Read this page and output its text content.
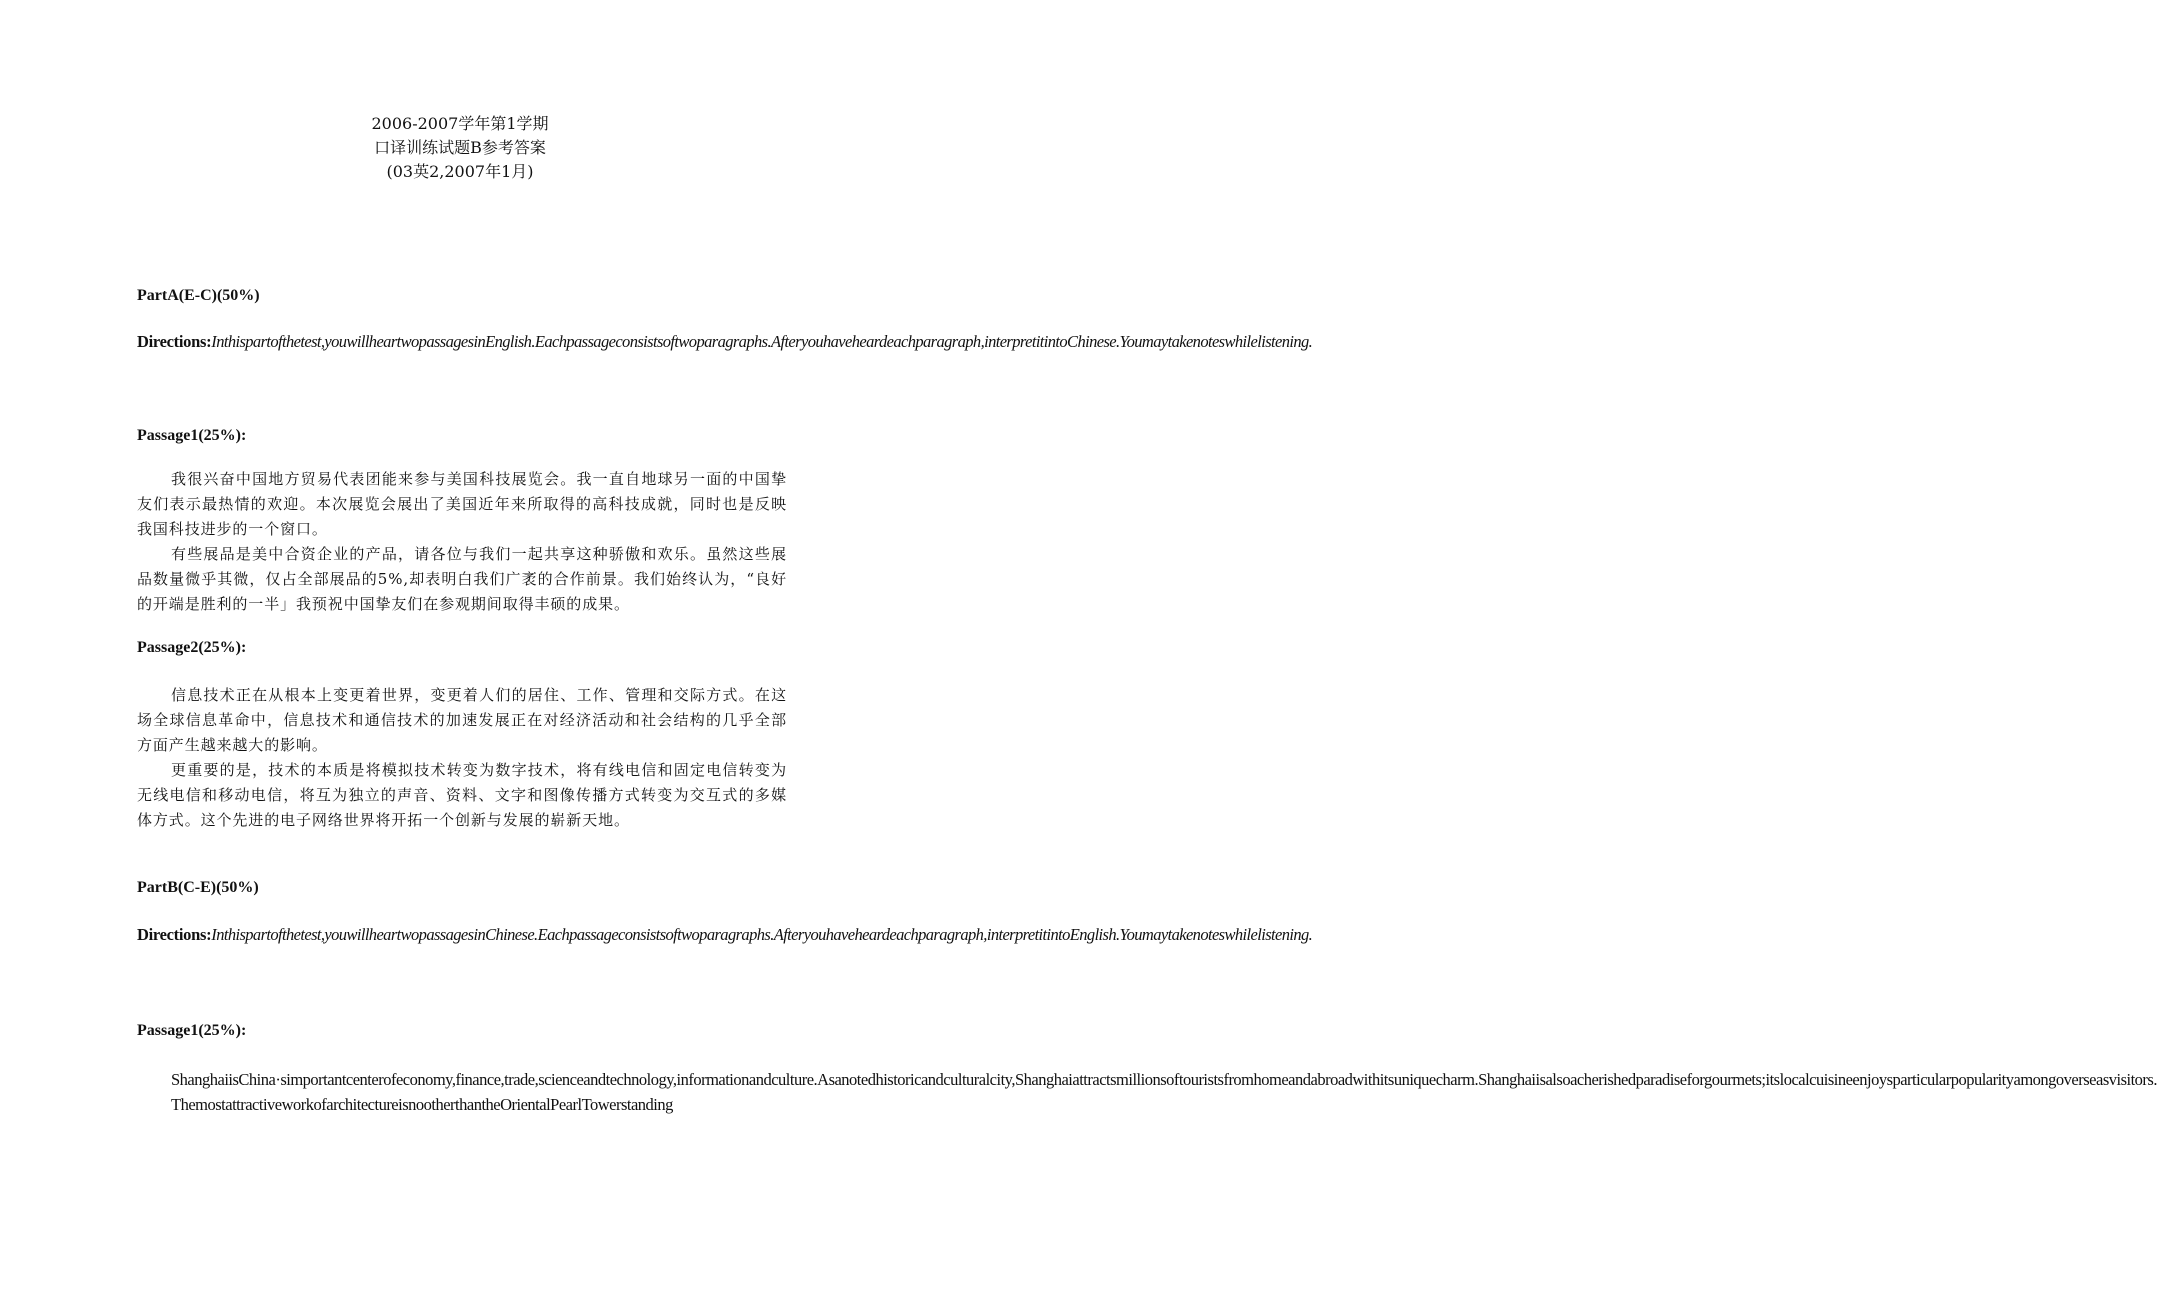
2006-2007学年第1学期
口译训练试题B参考答案
(03英2,2007年1月)
PartA(E-C)(50%)
Directions:Inthispartofthetest,youwillheartwopassagesinEnglish.Eachpassageconsistsoftwoparagraphs.Afteryouhaveheardeachparagraph,interpretitintoChinese.Youmaytakenoteswhilelistening.
Passage1(25%):

我很兴奋中国地方贸易代表团能来参与美国科技展览会。我一直自地球另一面的中国挚友们表示最热情的欢迎。本次展览会展出了美国近年来所取得的高科技成就，同时也是反映我国科技进步的一个窗口。

有些展品是美中合资企业的产品，请各位与我们一起共享这种骄傲和欢乐。虽然这些展品数量微乎其微，仅占全部展品的5%,却表明白我们广袤的合作前景。我们始终认为，“良好的开端是胜利的一半」我预祝中国挚友们在参观期间取得丰硕的成果。

Passage2(25%):

信息技术正在从根本上变更着世界，变更着人们的居住、工作、管理和交际方式。在这场全球信息革命中，信息技术和通信技术的加速发展正在对经济活动和社会结构的几乎全部方面产生越来越大的影响。

更重要的是，技术的本质是将模拟技术转变为数字技术，将有线电信和固定电信转变为无线电信和移动电信，将互为独立的声音、资料、文字和图像传播方式转变为交互式的多媒体方式。这个先进的电子网络世界将开拓一个创新与发展的崭新天地。

PartB(C-E)(50%)
Directions:Inthispartofthetest,youwillheartwopassagesinChinese.Eachpassageconsistsoftwoparagraphs.Afteryouhaveheardeachparagraph,interpretitintoEnglish.Youmaytakenoteswhilelistening.
Passage1(25%):

ShanghaiisChina·simportantcenterofeconomy,finance,trade,scienceandtechnology,informationandculture.Asanotedhistoricandculturalcity,Shanghaiattractsmillionsoftouristsfromhomeandabroadwithitsuniquecharm.Shanghaiisalsoacherishedparadiseforgourmets;itslocalcuisineenjoysparticularpopularityamongoverseasvisitors.

ThemostattractiveworkofarchitectureisnootherthantheOrientalPearlTowerstanding
